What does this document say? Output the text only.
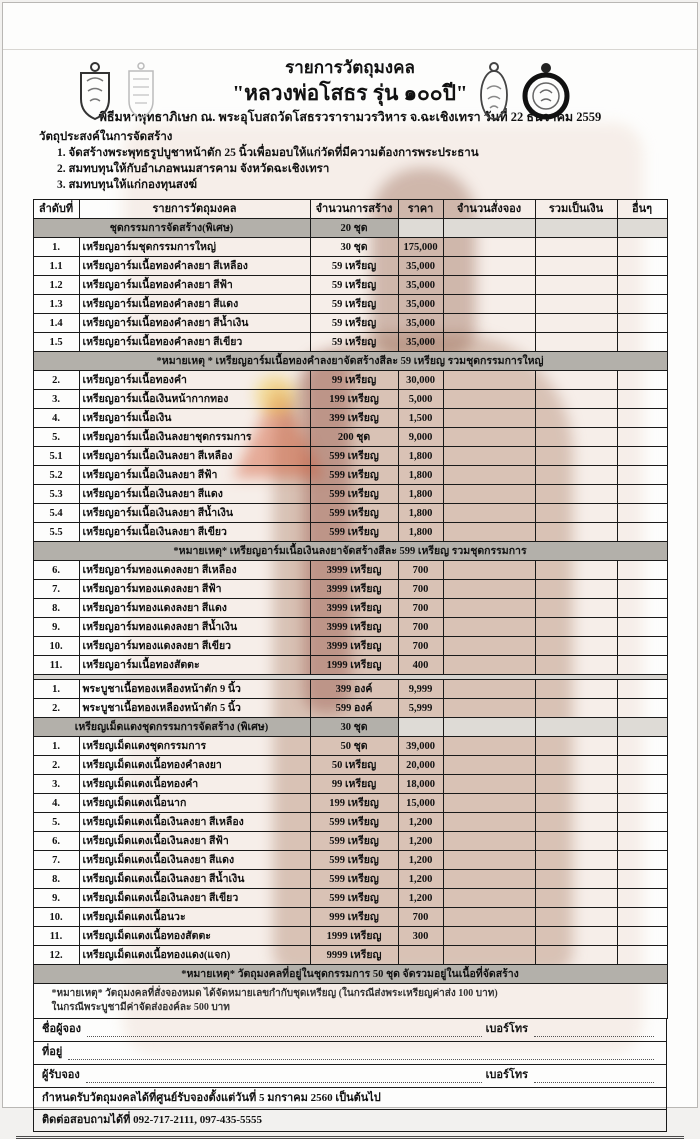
รายการวัตถุมงคล
"หลวงพ่อโสธร รุ่น ๑๐๐ปี"
พิธีมหาพุทธาภิเษก ณ. พระอุโบสถวัดโสธรวรารามวรวิหาร จ.ฉะเชิงเทรา วันที่ 22 ธันวาคม 2559
วัตถุประสงค์ในการจัดสร้าง
1. จัดสร้างพระพุทธรูปบูชาหน้าตัก 25 นิ้วเพื่อมอบให้แก่วัดที่มีความต้องการพระประธาน
2. สมทบทุนให้กับอำเภอพนมสารคาม จังหวัดฉะเชิงเทรา
3. สมทบทุนให้แก่กองทุนสงฆ์
ลำดับที่	รายการวัตถุมงคล	จำนวนการสร้าง	ราคา	จำนวนสั่งจอง	รวมเป็นเงิน	อื่นๆ
ชุดกรรมการจัดสร้าง(พิเศษ)		20 ชุด				
1.	เหรียญอาร์มชุดกรรมการใหญ่	30 ชุด	175,000			
1.1	เหรียญอาร์มเนื้อทองคำลงยา สีเหลือง	59 เหรียญ	35,000			
1.2	เหรียญอาร์มเนื้อทองคำลงยา สีฟ้า	59 เหรียญ	35,000			
1.3	เหรียญอาร์มเนื้อทองคำลงยา สีแดง	59 เหรียญ	35,000			
1.4	เหรียญอาร์มเนื้อทองคำลงยา สีน้ำเงิน	59 เหรียญ	35,000			
1.5	เหรียญอาร์มเนื้อทองคำลงยา สีเขียว	59 เหรียญ	35,000			
*หมายเหตุ * เหรียญอาร์มเนื้อทองคำลงยาจัดสร้างสีละ 59 เหรียญ รวมชุดกรรมการใหญ่						
2.	เหรียญอาร์มเนื้อทองคำ	99 เหรียญ	30,000			
3.	เหรียญอาร์มเนื้อเงินหน้ากากทอง	199 เหรียญ	5,000			
4.	เหรียญอาร์มเนื้อเงิน	399 เหรียญ	1,500			
5.	เหรียญอาร์มเนื้อเงินลงยาชุดกรรมการ	200 ชุด	9,000			
5.1	เหรียญอาร์มเนื้อเงินลงยา สีเหลือง	599 เหรียญ	1,800			
5.2	เหรียญอาร์มเนื้อเงินลงยา สีฟ้า	599 เหรียญ	1,800			
5.3	เหรียญอาร์มเนื้อเงินลงยา สีแดง	599 เหรียญ	1,800			
5.4	เหรียญอาร์มเนื้อเงินลงยา สีน้ำเงิน	599 เหรียญ	1,800			
5.5	เหรียญอาร์มเนื้อเงินลงยา สีเขียว	599 เหรียญ	1,800			
*หมายเหตุ* เหรียญอาร์มเนื้อเงินลงยาจัดสร้างสีละ 599 เหรียญ รวมชุดกรรมการ						
6.	เหรียญอาร์มทองแดงลงยา สีเหลือง	3999 เหรียญ	700			
7.	เหรียญอาร์มทองแดงลงยา สีฟ้า	3999 เหรียญ	700			
8.	เหรียญอาร์มทองแดงลงยา สีแดง	3999 เหรียญ	700			
9.	เหรียญอาร์มทองแดงลงยา สีน้ำเงิน	3999 เหรียญ	700			
10.	เหรียญอาร์มทองแดงลงยา สีเขียว	3999 เหรียญ	700			
11.	เหรียญอาร์มเนื้อทองสัตตะ	1999 เหรียญ	400			

1.	พระบูชาเนื้อทองเหลืองหน้าตัก 9 นิ้ว	399 องค์	9,999			
2.	พระบูชาเนื้อทองเหลืองหน้าตัก 5 นิ้ว	599 องค์	5,999			
เหรียญเม็ดแตงชุดกรรมการจัดสร้าง (พิเศษ)		30 ชุด				
1.	เหรียญเม็ดแตงชุดกรรมการ	50 ชุด	39,000			
2.	เหรียญเม็ดแตงเนื้อทองคำลงยา	50 เหรียญ	20,000			
3.	เหรียญเม็ดแตงเนื้อทองคำ	99 เหรียญ	18,000			
4.	เหรียญเม็ดแตงเนื้อนาก	199 เหรียญ	15,000			
5.	เหรียญเม็ดแตงเนื้อเงินลงยา สีเหลือง	599 เหรียญ	1,200			
6.	เหรียญเม็ดแตงเนื้อเงินลงยา สีฟ้า	599 เหรียญ	1,200			
7.	เหรียญเม็ดแตงเนื้อเงินลงยา สีแดง	599 เหรียญ	1,200			
8.	เหรียญเม็ดแตงเนื้อเงินลงยา สีน้ำเงิน	599 เหรียญ	1,200			
9.	เหรียญเม็ดแตงเนื้อเงินลงยา สีเขียว	599 เหรียญ	1,200			
10.	เหรียญเม็ดแตงเนื้อนวะ	999 เหรียญ	700			
11.	เหรียญเม็ดแตงเนื้อทองสัตตะ	1999 เหรียญ	300			
12.	เหรียญเม็ดแตงเนื้อทองแดง(แจก)	9999 เหรียญ				
*หมายเหตุ* วัตถุมงคลที่อยู่ในชุดกรรมการ 50 ชุด จัดรวมอยู่ในเนื้อที่จัดสร้าง						

*หมายเหตุ* วัตถุมงคลที่สั่งจองหมด ได้จัดหมายเลขกำกับชุดเหรียญ (ในกรณีส่งพระเหรียญค่าส่ง 100 บาท)
ในกรณีพระบูชามีค่าจัดส่งองค์ละ 500 บาท						
ชื่อผู้จอง	เบอร์โทร
ที่อยู่
ผู้รับจอง	เบอร์โทร
กำหนดรับวัตถุมงคลได้ที่ศูนย์รับจองตั้งแต่วันที่ 5 มกราคม 2560 เป็นต้นไป
ติดต่อสอบถามได้ที่ 092-717-2111, 097-435-5555
